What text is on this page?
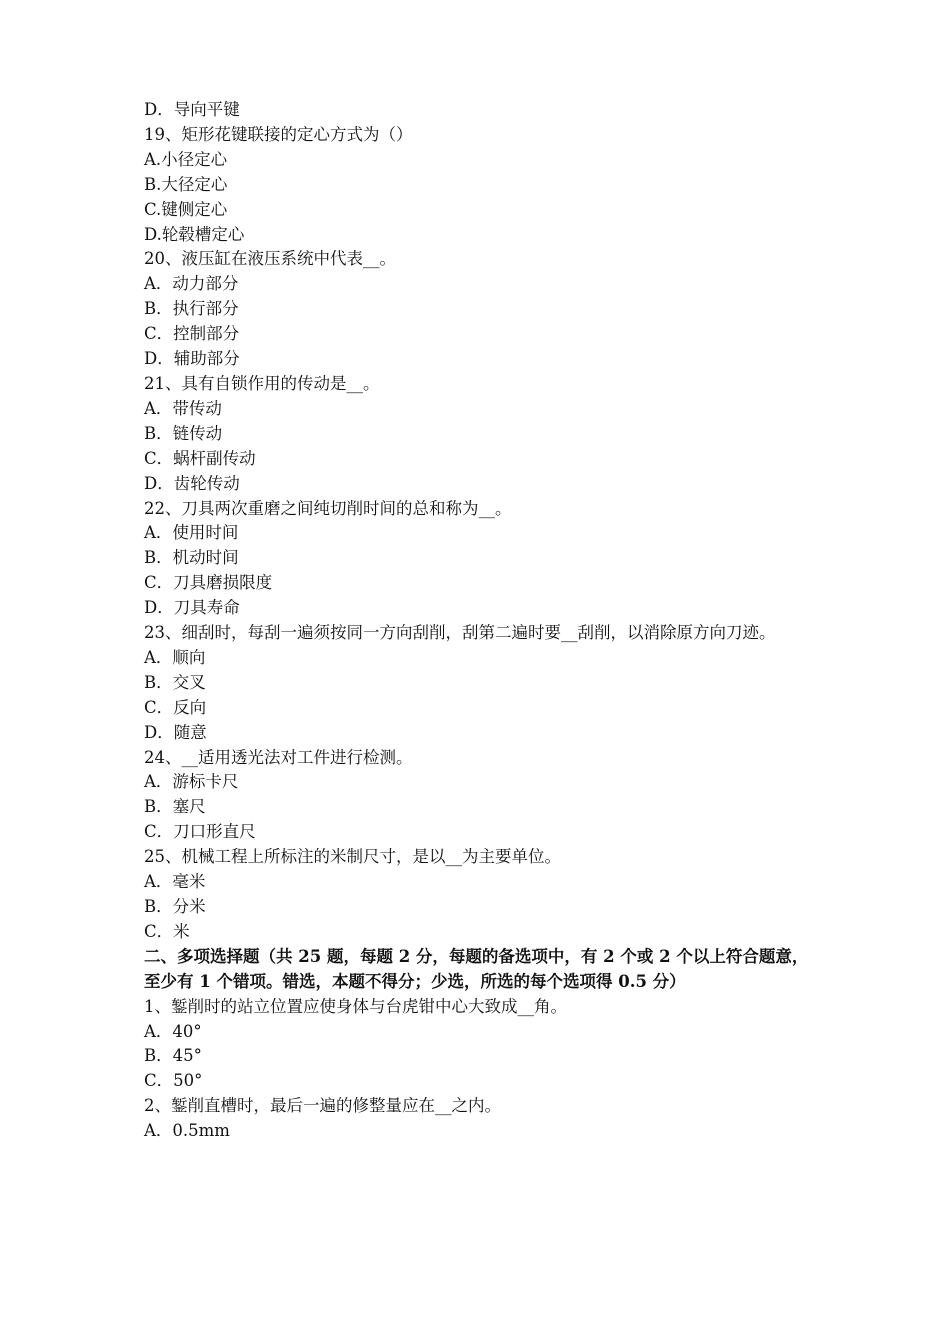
D．导向平键
19、矩形花键联接的定心方式为（）
A.小径定心
B.大径定心
C.键侧定心
D.轮毂槽定心
20、液压缸在液压系统中代表__。
A．动力部分
B．执行部分
C．控制部分
D．辅助部分
21、具有自锁作用的传动是__。
A．带传动
B．链传动
C．蜗杆副传动
D．齿轮传动
22、刀具两次重磨之间纯切削时间的总和称为__。
A．使用时间
B．机动时间
C．刀具磨损限度
D．刀具寿命
23、细刮时，每刮一遍须按同一方向刮削，刮第二遍时要__刮削，以消除原方向刀迹。
A．顺向
B．交叉
C．反向
D．随意
24、__适用透光法对工件进行检测。
A．游标卡尺
B．塞尺
C．刀口形直尺
25、机械工程上所标注的米制尺寸，是以__为主要单位。
A．毫米
B．分米
C．米
二、多项选择题（共 25 题，每题 2 分，每题的备选项中，有 2 个或 2 个以上符合题意，至少有 1 个错项。错选，本题不得分；少选，所选的每个选项得 0.5 分）
1、錾削时的站立位置应使身体与台虎钳中心大致成__角。
A．40°
B．45°
C．50°
2、錾削直槽时，最后一遍的修整量应在__之内。
A．0.5mm
